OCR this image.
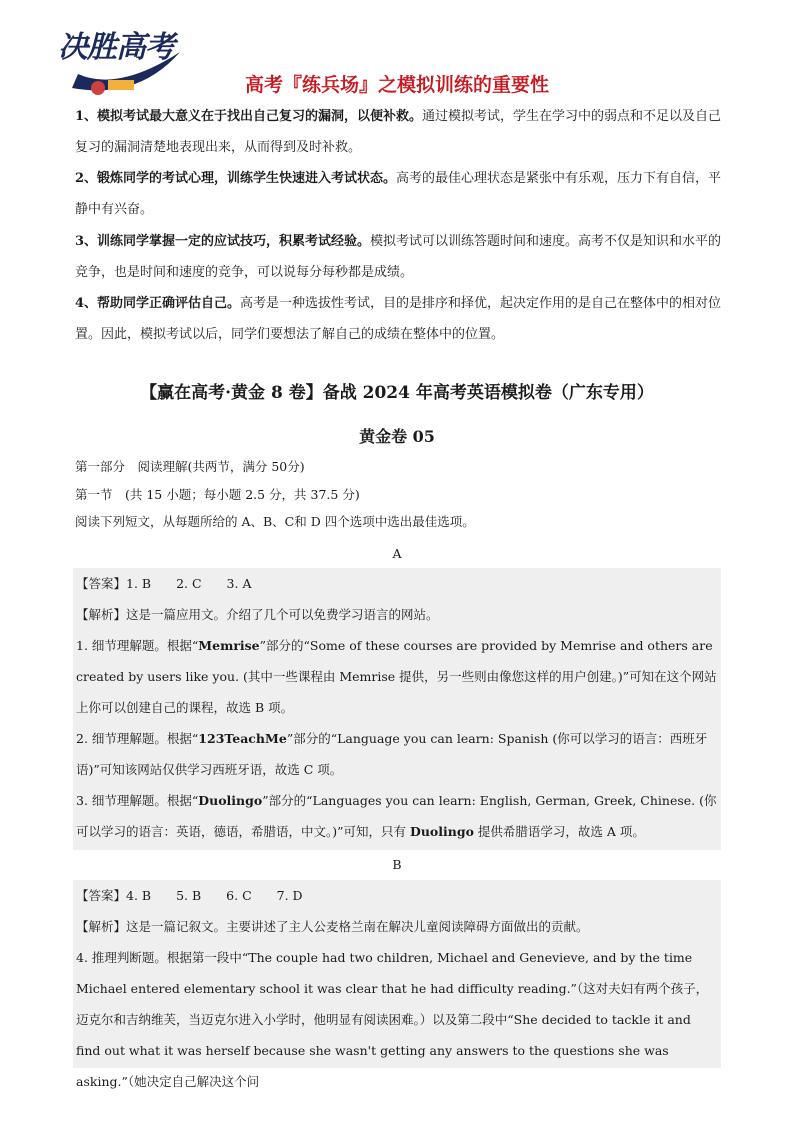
决胜高考
高考『练兵场』之模拟训练的重要性

1、模拟考试最大意义在于找出自己复习的漏洞，以便补救。通过模拟考试，学生在学习中的弱点和不足以及自己复习的漏洞清楚地表现出来，从而得到及时补救。

2、锻炼同学的考试心理，训练学生快速进入考试状态。高考的最佳心理状态是紧张中有乐观，压力下有自信，平静中有兴奋。

3、训练同学掌握一定的应试技巧，积累考试经验。模拟考试可以训练答题时间和速度。高考不仅是知识和水平的竞争，也是时间和速度的竞争，可以说每分每秒都是成绩。

4、帮助同学正确评估自己。高考是一种选拔性考试，目的是排序和择优，起决定作用的是自己在整体中的相对位置。因此，模拟考试以后，同学们要想法了解自己的成绩在整体中的位置。

【赢在高考·黄金 8 卷】备战 2024 年高考英语模拟卷（广东专用）
黄金卷 05
第一部分　阅读理解(共两节，满分 50分)
第一节　(共 15 小题；每小题 2.5 分，共 37.5 分)
阅读下列短文，从每题所给的 A、B、C和 D 四个选项中选出最佳选项。
A

【答案】1. B　　2. C　　3. A

【解析】这是一篇应用文。介绍了几个可以免费学习语言的网站。

1. 细节理解题。根据“Memrise”部分的“Some of these courses are provided by Memrise and others are created by users like you. (其中一些课程由 Memrise 提供，另一些则由像您这样的用户创建。)”可知在这个网站上你可以创建自己的课程，故选 B 项。

2. 细节理解题。根据“123TeachMe”部分的“Language you can learn: Spanish (你可以学习的语言：西班牙语)”可知该网站仅供学习西班牙语，故选 C 项。

3. 细节理解题。根据“Duolingo”部分的“Languages you can learn: English, German, Greek, Chinese. (你可以学习的语言：英语，德语，希腊语，中文。)”可知，只有 Duolingo 提供希腊语学习，故选 A 项。

B

【答案】4. B　　5. B　　6. C　　7. D

【解析】这是一篇记叙文。主要讲述了主人公麦格兰南在解决儿童阅读障碍方面做出的贡献。

4. 推理判断题。根据第一段中“The couple had two children, Michael and Genevieve, and by the time Michael entered elementary school it was clear that he had difficulty reading.”（这对夫妇有两个孩子，迈克尔和吉纳维芙，当迈克尔进入小学时，他明显有阅读困难。）以及第二段中“She decided to tackle it and find out what it was herself because she wasn't getting any answers to the questions she was asking.”（她决定自己解决这个问
